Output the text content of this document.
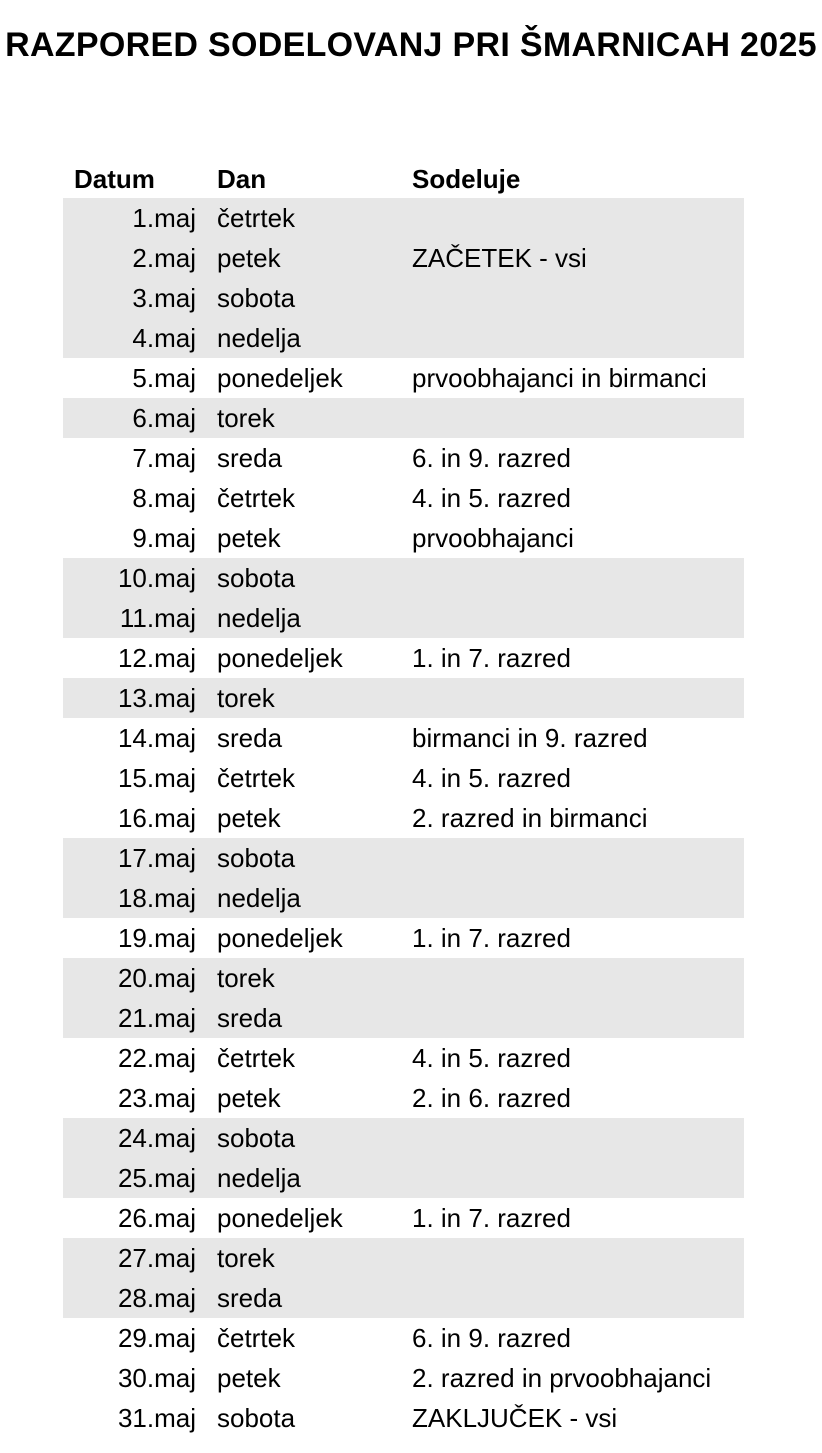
RAZPORED SODELOVANJ PRI ŠMARNICAH 2025
Datum	Dan	Sodeluje
1.maj četrtek
2.maj petek	ZAČETEK - vsi
3.maj sobota
4.maj nedelja
5.maj ponedeljek	prvoobhajanci in birmanci
6.maj torek
7.maj sreda	6. in 9. razred
8.maj četrtek	4. in 5. razred
9.maj petek	prvoobhajanci
10.maj sobota
11.maj nedelja
12.maj ponedeljek	1. in 7. razred
13.maj torek
14.maj sreda	birmanci in 9. razred
15.maj četrtek	4. in 5. razred
16.maj petek	2. razred in birmanci
17.maj sobota
18.maj nedelja
19.maj ponedeljek	1. in 7. razred
20.maj torek
21.maj sreda
22.maj četrtek	4. in 5. razred
23.maj petek	2. in 6. razred
24.maj sobota
25.maj nedelja
26.maj ponedeljek	1. in 7. razred
27.maj torek
28.maj sreda
29.maj četrtek	6. in 9. razred
30.maj petek	2. razred in prvoobhajanci
31.maj sobota	ZAKLJUČEK - vsi
